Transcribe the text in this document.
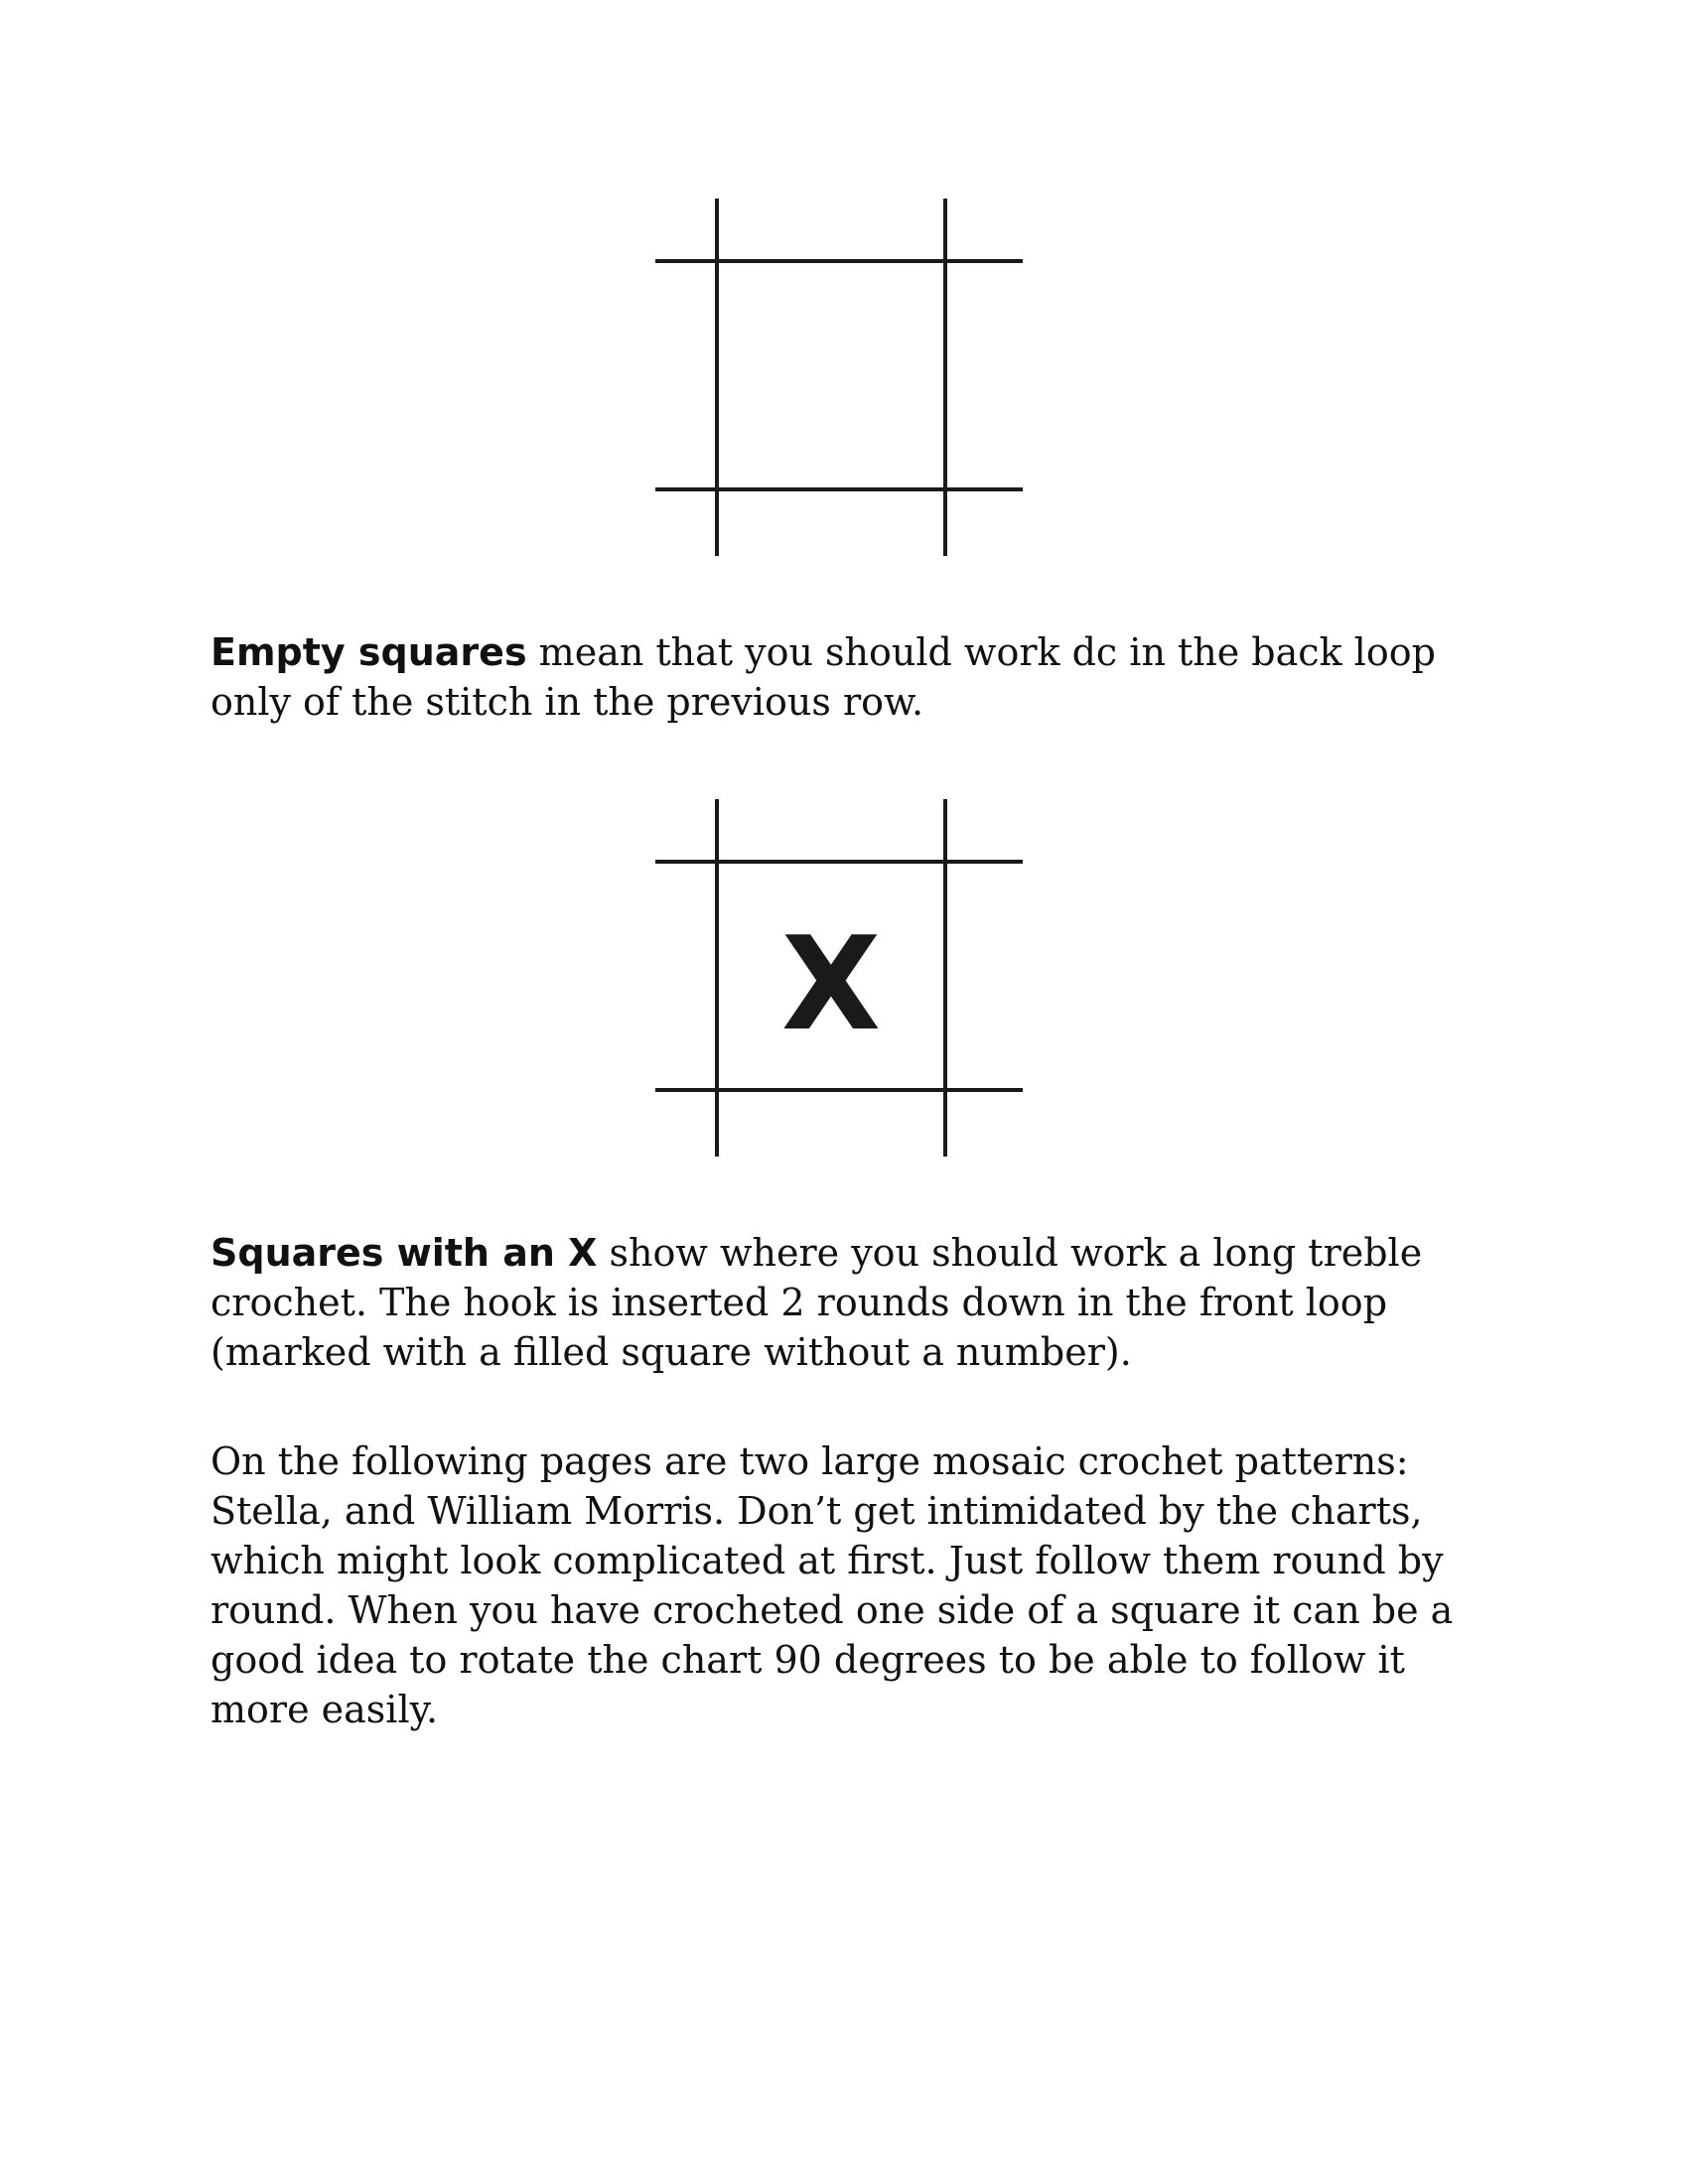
Empty squares mean that you should work dc in the back loop only of the stitch in the previous row.

X

Squares with an X show where you should work a long treble crochet. The hook is inserted 2 rounds down in the front loop (marked with a filled square without a number).

On the following pages are two large mosaic crochet patterns: Stella, and William Morris. Don’t get intimidated by the charts, which might look complicated at first. Just follow them round by round. When you have crocheted one side of a square it can be a good idea to rotate the chart 90 degrees to be able to follow it more easily.
